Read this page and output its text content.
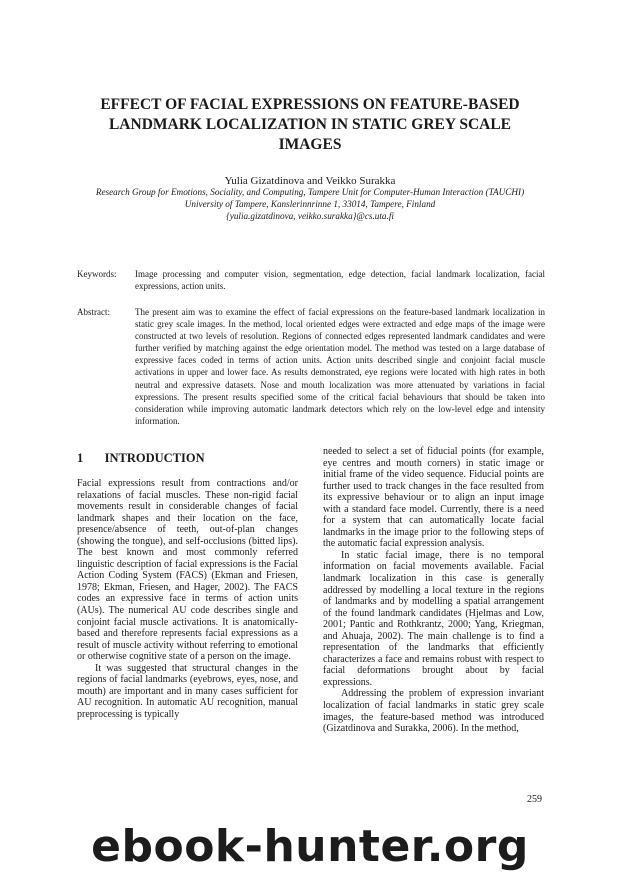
EFFECT OF FACIAL EXPRESSIONS ON FEATURE-BASED
LANDMARK LOCALIZATION IN STATIC GREY SCALE
IMAGES
Yulia Gizatdinova and Veikko Surakka
Research Group for Emotions, Sociality, and Computing, Tampere Unit for Computer-Human Interaction (TAUCHI)
University of Tampere, Kanslerinnrinne 1, 33014, Tampere, Finland
{yulia.gizatdinova, veikko.surakka}@cs.uta.fi
Keywords: Image processing and computer vision, segmentation, edge detection, facial landmark localization, facial expressions, action units.
Abstract:	The present aim was to examine the effect of facial expressions on the feature-based landmark localization in static grey scale images. In the method, local oriented edges were extracted and edge maps of the image were constructed at two levels of resolution. Regions of connected edges represented landmark candidates and were further verified by matching against the edge orientation model. The method was tested on a large database of expressive faces coded in terms of action units. Action units described single and conjoint facial muscle activations in upper and lower face. As results demonstrated, eye regions were located with high rates in both neutral and expressive datasets. Nose and mouth localization was more attenuated by variations in facial expressions. The present results specified some of the critical facial behaviours that should be taken into consideration while improving automatic landmark detectors which rely on the low-level edge and intensity information.
1 INTRODUCTION

Facial expressions result from contractions and/or relaxations of facial muscles. These non-rigid facial movements result in considerable changes of facial landmark shapes and their location on the face, presence/absence of teeth, out-of-plan changes (showing the tongue), and self-occlusions (bitted lips). The best known and most commonly referred linguistic description of facial expressions is the Facial Action Coding System (FACS) (Ekman and Friesen, 1978; Ekman, Friesen, and Hager, 2002). The FACS codes an expressive face in terms of action units (AUs). The numerical AU code describes single and conjoint facial muscle activations. It is anatomically-based and therefore represents facial expressions as a result of muscle activity without referring to emotional or otherwise cognitive state of a person on the image.

It was suggested that structural changes in the regions of facial landmarks (eyebrows, eyes, nose, and mouth) are important and in many cases sufficient for AU recognition. In automatic AU recognition, manual preprocessing is typically

needed to select a set of fiducial points (for example, eye centres and mouth corners) in static image or initial frame of the video sequence. Fiducial points are further used to track changes in the face resulted from its expressive behaviour or to align an input image with a standard face model. Currently, there is a need for a system that can automatically locate facial landmarks in the image prior to the following steps of the automatic facial expression analysis.

In static facial image, there is no temporal information on facial movements available. Facial landmark localization in this case is generally addressed by modelling a local texture in the regions of landmarks and by modelling a spatial arrangement of the found landmark candidates (Hjelmas and Low, 2001; Pantic and Rothkrantz, 2000; Yang, Kriegman, and Ahuaja, 2002). The main challenge is to find a representation of the landmarks that efficiently characterizes a face and remains robust with respect to facial deformations brought about by facial expressions.

Addressing the problem of expression invariant localization of facial landmarks in static grey scale images, the feature-based method was introduced (Gizatdinova and Surakka, 2006). In the method,

259
ebook-hunter.org
